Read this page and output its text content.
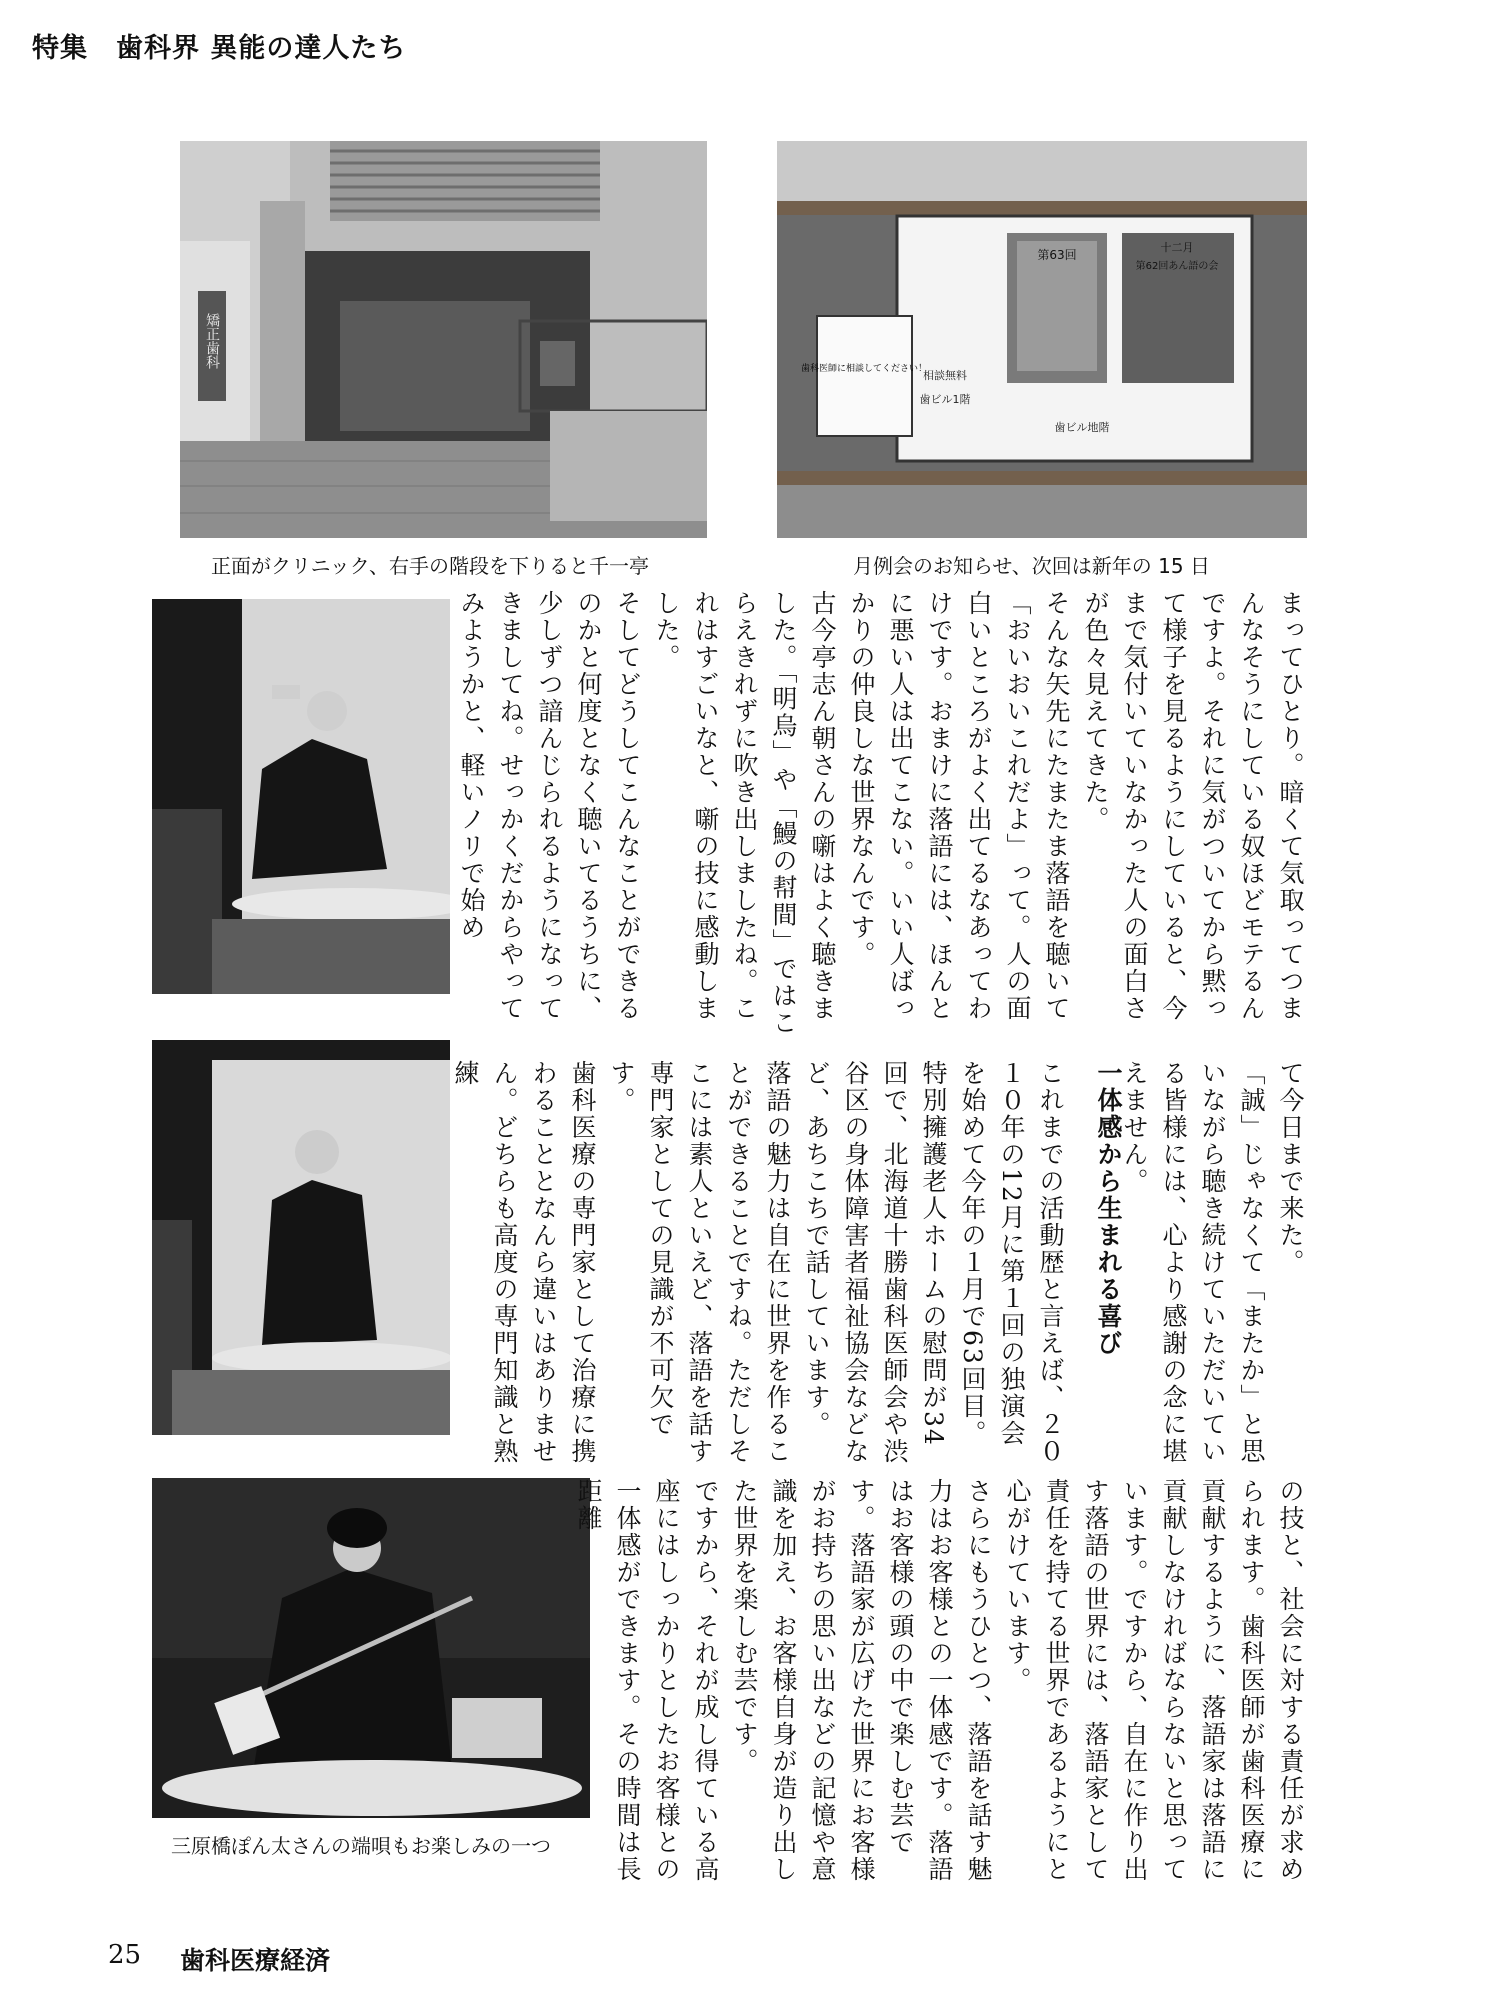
特集　歯科界 異能の達人たち
矯正歯科
正面がクリニック、右手の階段を下りると千一亭
第63回
十二月
第62回あん語の会
歯科医師に相談してください！
相談無料
歯ビル1階
歯ビル地階
月例会のお知らせ、次回は新年の 15 日
三原橋ぽん太さんの端唄もお楽しみの一つ

まってひとり。暗くて気取ってつまんなそうにしている奴ほどモテるんですよ。それに気がついてから黙って様子を見るようにしていると、今まで気付いていなかった人の面白さが色々見えてきた。

そんな矢先にたまたま落語を聴いて「おいおいこれだよ」って。人の面白いところがよく出てるなあってわけです。おまけに落語には、ほんとに悪い人は出てこない。いい人ばっかりの仲良しな世界なんです。

古今亭志ん朝さんの噺はよく聴きました。「明烏」や「鰻の幇間」ではこらえきれずに吹き出しましたね。これはすごいなと、噺の技に感動しました。

そしてどうしてこんなことができるのかと何度となく聴いてるうちに、少しずつ諳んじられるようになってきましてね。せっかくだからやってみようかと、軽いノリで始め

て今日まで来た。

「誠」じゃなくて「またか」と思いながら聴き続けていただいている皆様には、心より感謝の念に堪えません。

一体感から生まれる喜び

これまでの活動歴と言えば、２０１０年の12月に第１回の独演会を始めて今年の１月で63回目。特別擁護老人ホームの慰問が34回で、北海道十勝歯科医師会や渋谷区の身体障害者福祉協会などなど、あちこちで話しています。

落語の魅力は自在に世界を作ることができることですね。ただしそこには素人といえど、落語を話す専門家としての見識が不可欠です。

歯科医療の専門家として治療に携わることとなんら違いはありません。どちらも高度の専門知識と熟練

の技と、社会に対する責任が求められます。歯科医師が歯科医療に貢献するように、落語家は落語に貢献しなければならないと思っています。ですから、自在に作り出す落語の世界には、落語家として責任を持てる世界であるようにと心がけています。

さらにもうひとつ、落語を話す魅力はお客様との一体感です。落語はお客様の頭の中で楽しむ芸です。落語家が広げた世界にお客様がお持ちの思い出などの記憶や意識を加え、お客様自身が造り出した世界を楽しむ芸です。

ですから、それが成し得ている高座にはしっかりとしたお客様との一体感ができます。その時間は長距離

25 歯科医療経済
